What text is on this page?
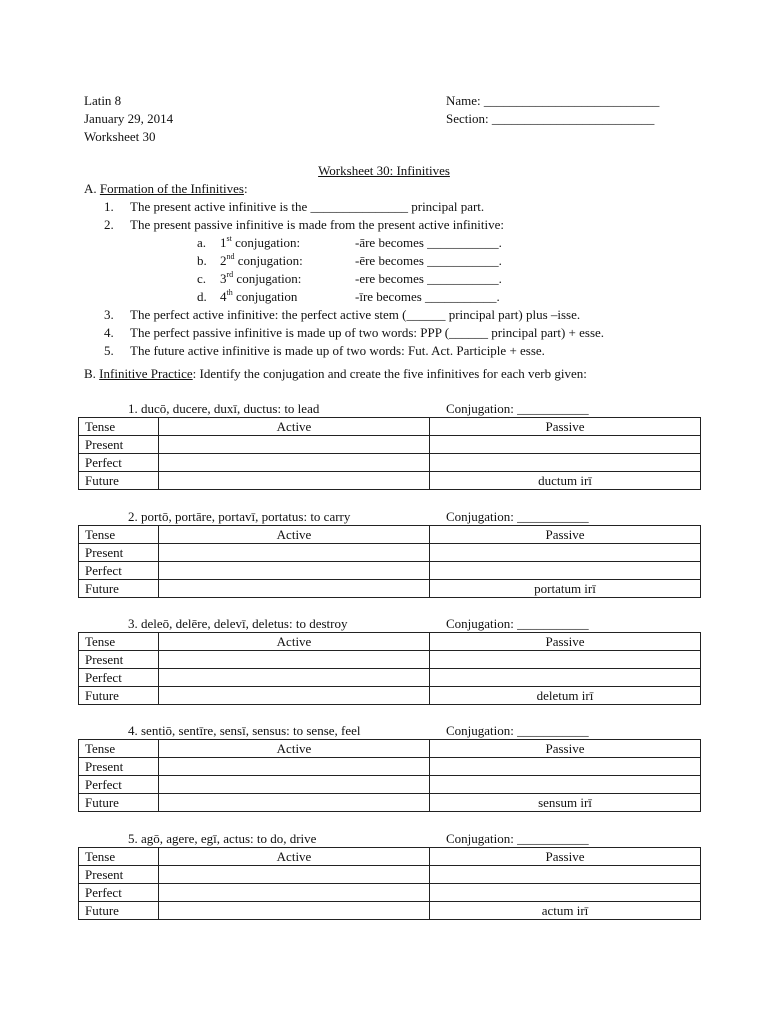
Latin 8
January 29, 2014
Worksheet 30
Name: ___________________________
Section: _________________________
Worksheet 30: Infinitives
A. Formation of the Infinitives:
1. The present active infinitive is the _______________ principal part.
2. The present passive infinitive is made from the present active infinitive:
a. 1st conjugation:	-āre becomes ___________.
b. 2nd conjugation:	-ēre becomes ___________.
c. 3rd conjugation:	-ere becomes ___________.
d. 4th conjugation	-īre becomes ___________.
3. The perfect active infinitive: the perfect active stem (______ principal part) plus –isse.
4. The perfect passive infinitive is made up of two words: PPP (______ principal part) + esse.
5. The future active infinitive is made up of two words: Fut. Act. Participle + esse.
B. Infinitive Practice: Identify the conjugation and create the five infinitives for each verb given:
1. ducō, ducere, duxī, ductus: to lead	Conjugation: ___________
Tense	Active	Passive
Present		
Perfect		
Future		ductum irī
2. portō, portāre, portavī, portatus: to carry	Conjugation: ___________
Tense	Active	Passive
Present		
Perfect		
Future		portatum irī
3. deleō, delēre, delevī, deletus: to destroy	Conjugation: ___________
Tense	Active	Passive
Present		
Perfect		
Future		deletum irī
4. sentiō, sentīre, sensī, sensus: to sense, feel	Conjugation: ___________
Tense	Active	Passive
Present		
Perfect		
Future		sensum irī
5. agō, agere, egī, actus: to do, drive	Conjugation: ___________
Tense	Active	Passive
Present		
Perfect		
Future		actum irī
